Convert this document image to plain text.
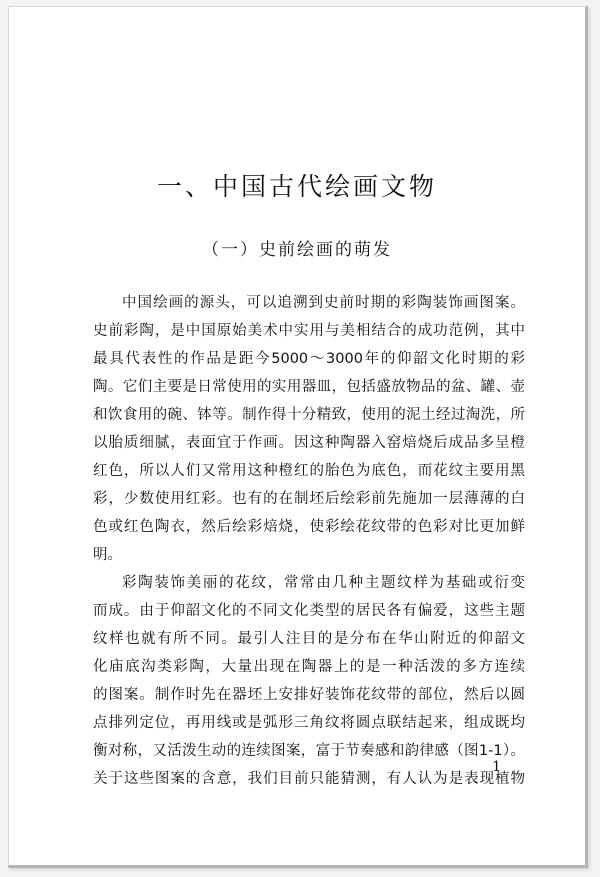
一、中国古代绘画文物
（一）史前绘画的萌发
中国绘画的源头，可以追溯到史前时期的彩陶装饰画图案。
史前彩陶，是中国原始美术中实用与美相结合的成功范例，其中
最具代表性的作品是距今5000～3000年的仰韶文化时期的彩
陶。它们主要是日常使用的实用器皿，包括盛放物品的盆、罐、壶
和饮食用的碗、钵等。制作得十分精致，使用的泥土经过淘洗，所
以胎质细腻，表面宜于作画。因这种陶器入窑焙烧后成品多呈橙
红色，所以人们又常用这种橙红的胎色为底色，而花纹主要用黑
彩，少数使用红彩。也有的在制坯后绘彩前先施加一层薄薄的白
色或红色陶衣，然后绘彩焙烧，使彩绘花纹带的色彩对比更加鲜
明。
彩陶装饰美丽的花纹，常常由几种主题纹样为基础或衍变
而成。由于仰韶文化的不同文化类型的居民各有偏爱，这些主题
纹样也就有所不同。最引人注目的是分布在华山附近的仰韶文
化庙底沟类彩陶，大量出现在陶器上的是一种活泼的多方连续
的图案。制作时先在器坯上安排好装饰花纹带的部位，然后以圆
点排列定位，再用线或是弧形三角纹将圆点联结起来，组成既均
衡对称，又活泼生动的连续图案，富于节奏感和韵律感（图1-1）。
关于这些图案的含意，我们目前只能猜测，有人认为是表现植物
1
